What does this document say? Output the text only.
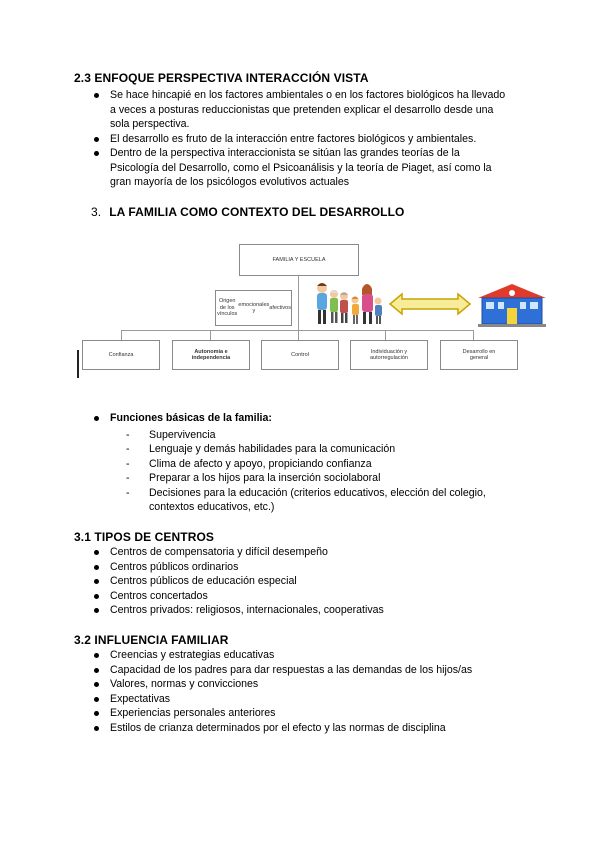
2.3 ENFOQUE PERSPECTIVA INTERACCIÓN VISTA
Se hace hincapié en los factores ambientales o en los factores biológicos ha llevado
a veces a posturas reduccionistas que pretenden explicar el desarrollo desde una
sola perspectiva.
El desarrollo es fruto de la interacción entre factores biológicos y ambientales.
Dentro de la perspectiva interaccionista se sitúan las grandes teorías de la
Psicología del Desarrollo, como el Psicoanálisis y la teoría de Piaget, así como la
gran mayoría de los psicólogos evolutivos actuales
3. LA FAMILIA COMO CONTEXTO DEL DESARROLLO
FAMILIA Y ESCUELA
Origen de los vínculos

emocionales y

afectivos
Confianza
Autonomía e
independencia
Control
Individuación y
autorregulación
Desarrollo en
general
Funciones básicas de la familia:
- Supervivencia
- Lenguaje y demás habilidades para la comunicación
- Clima de afecto y apoyo, propiciando confianza
- Preparar a los hijos para la inserción sociolaboral
- Decisiones para la educación (criterios educativos, elección del colegio,
contextos educativos, etc.)
3.1 TIPOS DE CENTROS
Centros de compensatoria y difícil desempeño
Centros públicos ordinarios
Centros públicos de educación especial
Centros concertados
Centros privados: religiosos, internacionales, cooperativas
3.2 INFLUENCIA FAMILIAR
Creencias y estrategias educativas
Capacidad de los padres para dar respuestas a las demandas de los hijos/as
Valores, normas y convicciones
Expectativas
Experiencias personales anteriores
Estilos de crianza determinados por el efecto y las normas de disciplina
